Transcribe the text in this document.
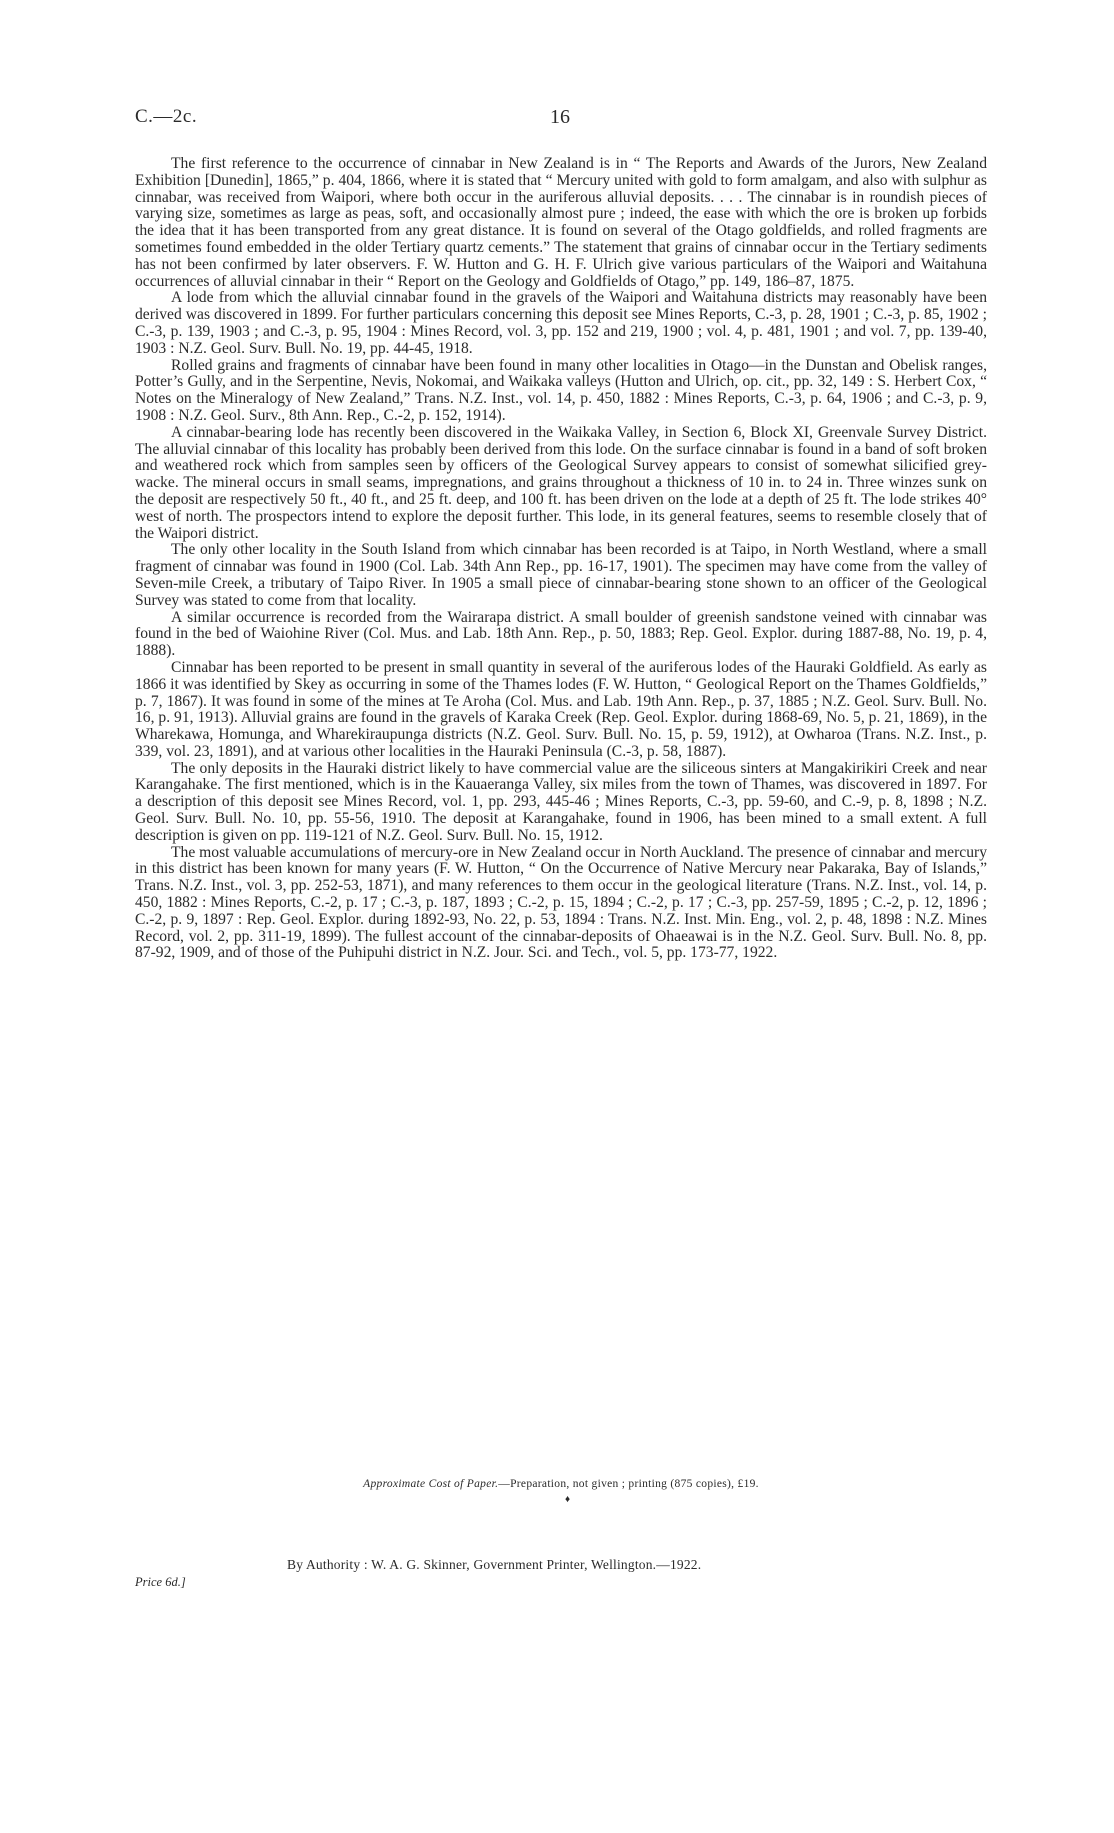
C.—2c.	16

The first reference to the occurrence of cinnabar in New Zealand is in “ The Reports and Awards of the Jurors, New Zealand Exhibition [Dunedin], 1865,” p. 404, 1866, where it is stated that “ Mercury united with gold to form amalgam, and also with sulphur as cinnabar, was received from Waipori, where both occur in the auriferous alluvial deposits. . . . The cinnabar is in roundish pieces of varying size, sometimes as large as peas, soft, and occasionally almost pure ; indeed, the ease with which the ore is broken up forbids the idea that it has been transported from any great distance. It is found on several of the Otago goldfields, and rolled fragments are sometimes found embedded in the older Tertiary quartz cements.” The statement that grains of cinnabar occur in the Tertiary sediments has not been confirmed by later observers. F. W. Hutton and G. H. F. Ulrich give various particulars of the Waipori and Waitahuna occurrences of alluvial cinnabar in their “ Report on the Geology and Goldfields of Otago,” pp. 149, 186–87, 1875.

A lode from which the alluvial cinnabar found in the gravels of the Waipori and Waitahuna districts may reasonably have been derived was discovered in 1899. For further particulars concerning this deposit see Mines Reports, C.-3, p. 28, 1901 ; C.-3, p. 85, 1902 ; C.-3, p. 139, 1903 ; and C.-3, p. 95, 1904 : Mines Record, vol. 3, pp. 152 and 219, 1900 ; vol. 4, p. 481, 1901 ; and vol. 7, pp. 139-40, 1903 : N.Z. Geol. Surv. Bull. No. 19, pp. 44-45, 1918.

Rolled grains and fragments of cinnabar have been found in many other localities in Otago—in the Dunstan and Obelisk ranges, Potter’s Gully, and in the Serpentine, Nevis, Nokomai, and Waikaka valleys (Hutton and Ulrich, op. cit., pp. 32, 149 : S. Herbert Cox, “ Notes on the Mineralogy of New Zealand,” Trans. N.Z. Inst., vol. 14, p. 450, 1882 : Mines Reports, C.-3, p. 64, 1906 ; and C.-3, p. 9, 1908 : N.Z. Geol. Surv., 8th Ann. Rep., C.-2, p. 152, 1914).

A cinnabar-bearing lode has recently been discovered in the Waikaka Valley, in Section 6, Block XI, Greenvale Survey District. The alluvial cinnabar of this locality has probably been derived from this lode. On the surface cinnabar is found in a band of soft broken and weathered rock which from samples seen by officers of the Geological Survey appears to consist of somewhat silicified grey-wacke. The mineral occurs in small seams, impregnations, and grains throughout a thickness of 10 in. to 24 in. Three winzes sunk on the deposit are respectively 50 ft., 40 ft., and 25 ft. deep, and 100 ft. has been driven on the lode at a depth of 25 ft. The lode strikes 40° west of north. The prospectors intend to explore the deposit further. This lode, in its general features, seems to resemble closely that of the Waipori district.

The only other locality in the South Island from which cinnabar has been recorded is at Taipo, in North Westland, where a small fragment of cinnabar was found in 1900 (Col. Lab. 34th Ann Rep., pp. 16-17, 1901). The specimen may have come from the valley of Seven-mile Creek, a tributary of Taipo River. In 1905 a small piece of cinnabar-bearing stone shown to an officer of the Geological Survey was stated to come from that locality.

A similar occurrence is recorded from the Wairarapa district. A small boulder of greenish sandstone veined with cinnabar was found in the bed of Waiohine River (Col. Mus. and Lab. 18th Ann. Rep., p. 50, 1883; Rep. Geol. Explor. during 1887-88, No. 19, p. 4, 1888).

Cinnabar has been reported to be present in small quantity in several of the auriferous lodes of the Hauraki Goldfield. As early as 1866 it was identified by Skey as occurring in some of the Thames lodes (F. W. Hutton, “ Geological Report on the Thames Goldfields,” p. 7, 1867). It was found in some of the mines at Te Aroha (Col. Mus. and Lab. 19th Ann. Rep., p. 37, 1885 ; N.Z. Geol. Surv. Bull. No. 16, p. 91, 1913). Alluvial grains are found in the gravels of Karaka Creek (Rep. Geol. Explor. during 1868-69, No. 5, p. 21, 1869), in the Wharekawa, Homunga, and Wharekiraupunga districts (N.Z. Geol. Surv. Bull. No. 15, p. 59, 1912), at Owharoa (Trans. N.Z. Inst., p. 339, vol. 23, 1891), and at various other localities in the Hauraki Peninsula (C.-3, p. 58, 1887).

The only deposits in the Hauraki district likely to have commercial value are the siliceous sinters at Mangakirikiri Creek and near Karangahake. The first mentioned, which is in the Kauaeranga Valley, six miles from the town of Thames, was discovered in 1897. For a description of this deposit see Mines Record, vol. 1, pp. 293, 445-46 ; Mines Reports, C.-3, pp. 59-60, and C.-9, p. 8, 1898 ; N.Z. Geol. Surv. Bull. No. 10, pp. 55-56, 1910. The deposit at Karangahake, found in 1906, has been mined to a small extent. A full description is given on pp. 119-121 of N.Z. Geol. Surv. Bull. No. 15, 1912.

The most valuable accumulations of mercury-ore in New Zealand occur in North Auckland. The presence of cinnabar and mercury in this district has been known for many years (F. W. Hutton, “ On the Occurrence of Native Mercury near Pakaraka, Bay of Islands,” Trans. N.Z. Inst., vol. 3, pp. 252-53, 1871), and many references to them occur in the geological literature (Trans. N.Z. Inst., vol. 14, p. 450, 1882 : Mines Reports, C.-2, p. 17 ; C.-3, p. 187, 1893 ; C.-2, p. 15, 1894 ; C.-2, p. 17 ; C.-3, pp. 257-59, 1895 ; C.-2, p. 12, 1896 ; C.-2, p. 9, 1897 : Rep. Geol. Explor. during 1892-93, No. 22, p. 53, 1894 : Trans. N.Z. Inst. Min. Eng., vol. 2, p. 48, 1898 : N.Z. Mines Record, vol. 2, pp. 311-19, 1899). The fullest account of the cinnabar-deposits of Ohaeawai is in the N.Z. Geol. Surv. Bull. No. 8, pp. 87-92, 1909, and of those of the Puhipuhi district in N.Z. Jour. Sci. and Tech., vol. 5, pp. 173-77, 1922.

Approximate Cost of Paper.—Preparation, not given ; printing (875 copies), £19.
♦
By Authority : W. A. G. Skinner, Government Printer, Wellington.—1922.
Price 6d.]
